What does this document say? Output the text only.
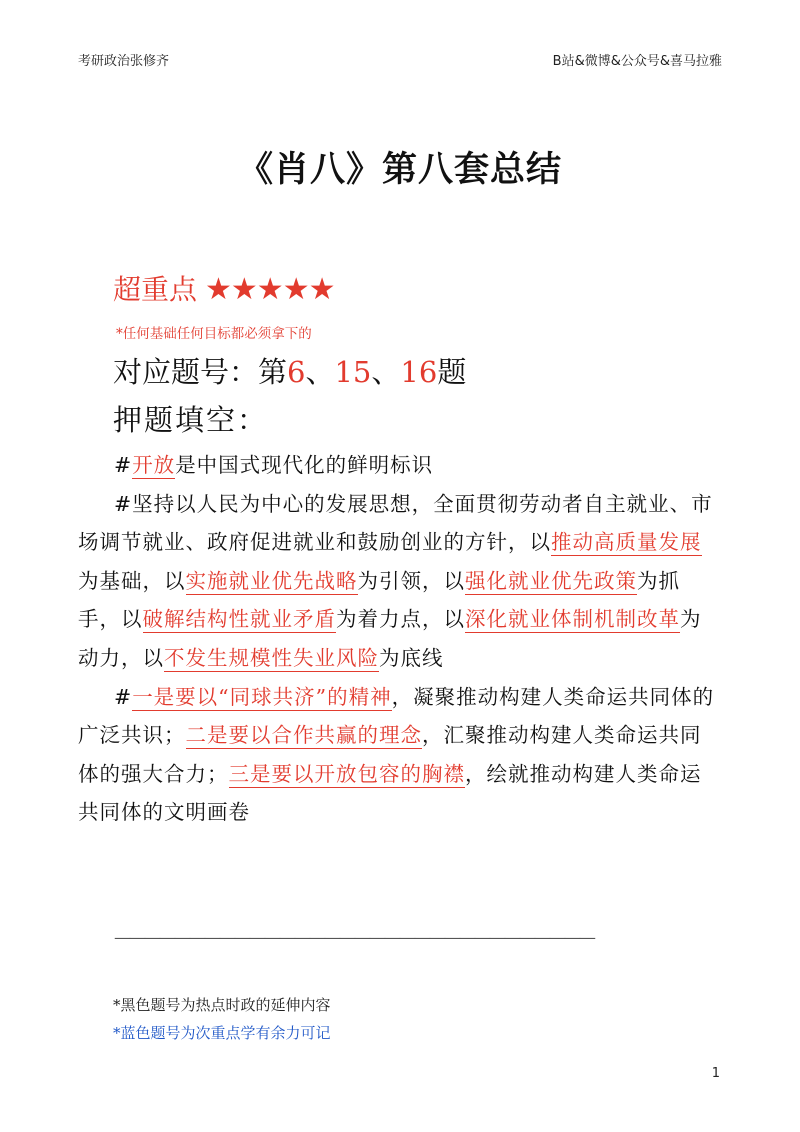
考研政治张修齐	B站&微博&公众号&喜马拉雅
《肖八》第八套总结
超重点 ★★★★★
*任何基础任何目标都必须拿下的
对应题号：第6、15、16题
押题填空：

#开放是中国式现代化的鲜明标识

#坚持以人民为中心的发展思想，全面贯彻劳动者自主就业、市场调节就业、政府促进就业和鼓励创业的方针，以推动高质量发展为基础，以实施就业优先战略为引领，以强化就业优先政策为抓手，以破解结构性就业矛盾为着力点，以深化就业体制机制改革为动力，以不发生规模性失业风险为底线

#一是要以“同球共济”的精神，凝聚推动构建人类命运共同体的广泛共识；二是要以合作共赢的理念，汇聚推动构建人类命运共同体的强大合力；三是要以开放包容的胸襟，绘就推动构建人类命运共同体的文明画卷

————————————————————————————————
*黑色题号为热点时政的延伸内容
*蓝色题号为次重点学有余力可记
1
